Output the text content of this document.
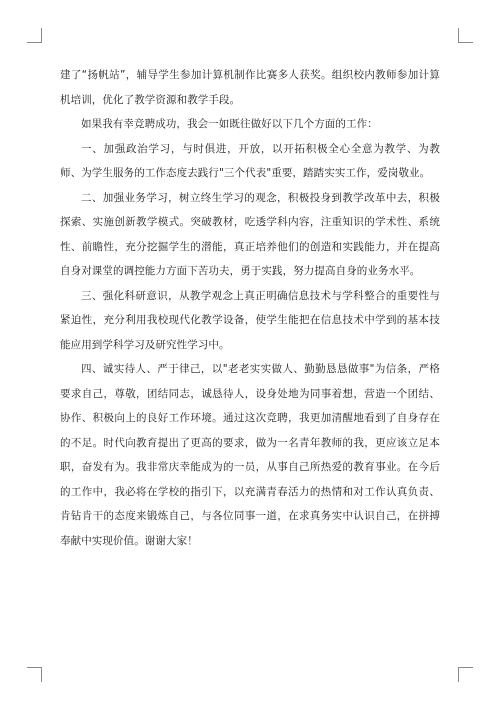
建了“扬帆站”，辅导学生参加计算机制作比赛多人获奖。组织校内教师参加计算机培训，优化了教学资源和教学手段。

如果我有幸竞聘成功，我会一如既往做好以下几个方面的工作：

一、加强政治学习，与时俱进，开放，以开拓积极全心全意为教学、为教师、为学生服务的工作态度去践行"三个代表"重要，踏踏实实工作，爱岗敬业。

二、加强业务学习，树立终生学习的观念，积极投身到教学改革中去，积极探索、实施创新教学模式。突破教材，吃透学科内容，注重知识的学术性、系统性、前瞻性，充分挖掘学生的潜能，真正培养他们的创造和实践能力，并在提高自身对课堂的调控能力方面下苦功夫，勇于实践，努力提高自身的业务水平。

三、强化科研意识，从教学观念上真正明确信息技术与学科整合的重要性与紧迫性，充分利用我校现代化教学设备，使学生能把在信息技术中学到的基本技能应用到学科学习及研究性学习中。

四、诚实待人、严于律己，以"老老实实做人、勤勤恳恳做事"为信条，严格要求自己，尊敬，团结同志，诚恳待人，设身处地为同事着想，营造一个团结、协作、积极向上的良好工作环境。通过这次竞聘，我更加清醒地看到了自身存在的不足。时代向教育提出了更高的要求，做为一名青年教师的我，更应该立足本职，奋发有为。我非常庆幸能成为的一员，从事自己所热爱的教育事业。在今后的工作中，我必将在学校的指引下，以充满青春活力的热情和对工作认真负责、肯钻肯干的态度来锻炼自己，与各位同事一道，在求真务实中认识自己，在拼搏奉献中实现价值。谢谢大家！
